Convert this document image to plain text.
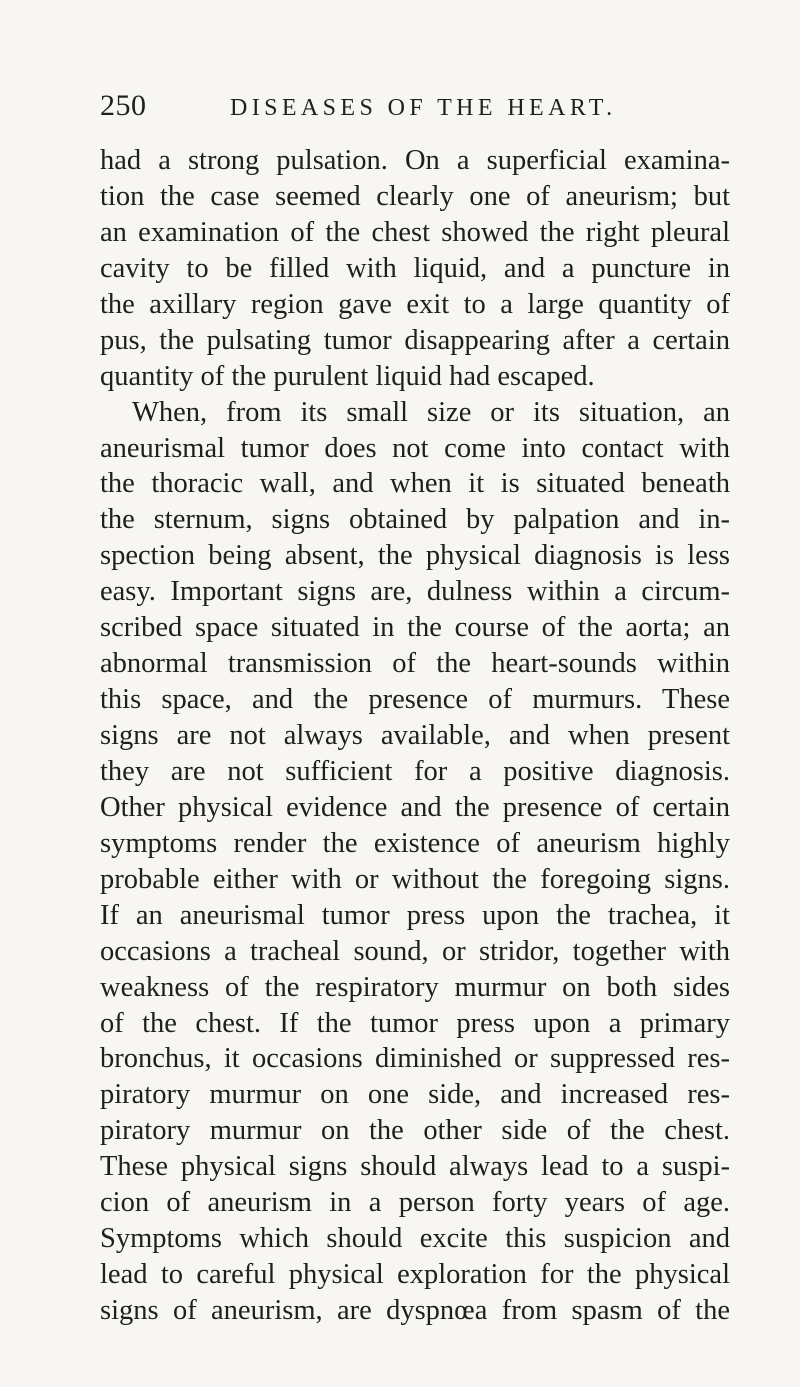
250	DISEASES OF THE HEART.
had a strong pulsation. On a superficial examina-
tion the case seemed clearly one of aneurism; but
an examination of the chest showed the right pleural
cavity to be filled with liquid, and a puncture in
the axillary region gave exit to a large quantity of
pus, the pulsating tumor disappearing after a certain
quantity of the purulent liquid had escaped.
When, from its small size or its situation, an
aneurismal tumor does not come into contact with
the thoracic wall, and when it is situated beneath
the sternum, signs obtained by palpation and in-
spection being absent, the physical diagnosis is less
easy. Important signs are, dulness within a circum-
scribed space situated in the course of the aorta; an
abnormal transmission of the heart-sounds within
this space, and the presence of murmurs. These
signs are not always available, and when present
they are not sufficient for a positive diagnosis.
Other physical evidence and the presence of certain
symptoms render the existence of aneurism highly
probable either with or without the foregoing signs.
If an aneurismal tumor press upon the trachea, it
occasions a tracheal sound, or stridor, together with
weakness of the respiratory murmur on both sides
of the chest. If the tumor press upon a primary
bronchus, it occasions diminished or suppressed res-
piratory murmur on one side, and increased res-
piratory murmur on the other side of the chest.
These physical signs should always lead to a suspi-
cion of aneurism in a person forty years of age.
Symptoms which should excite this suspicion and
lead to careful physical exploration for the physical
signs of aneurism, are dyspnœa from spasm of the
